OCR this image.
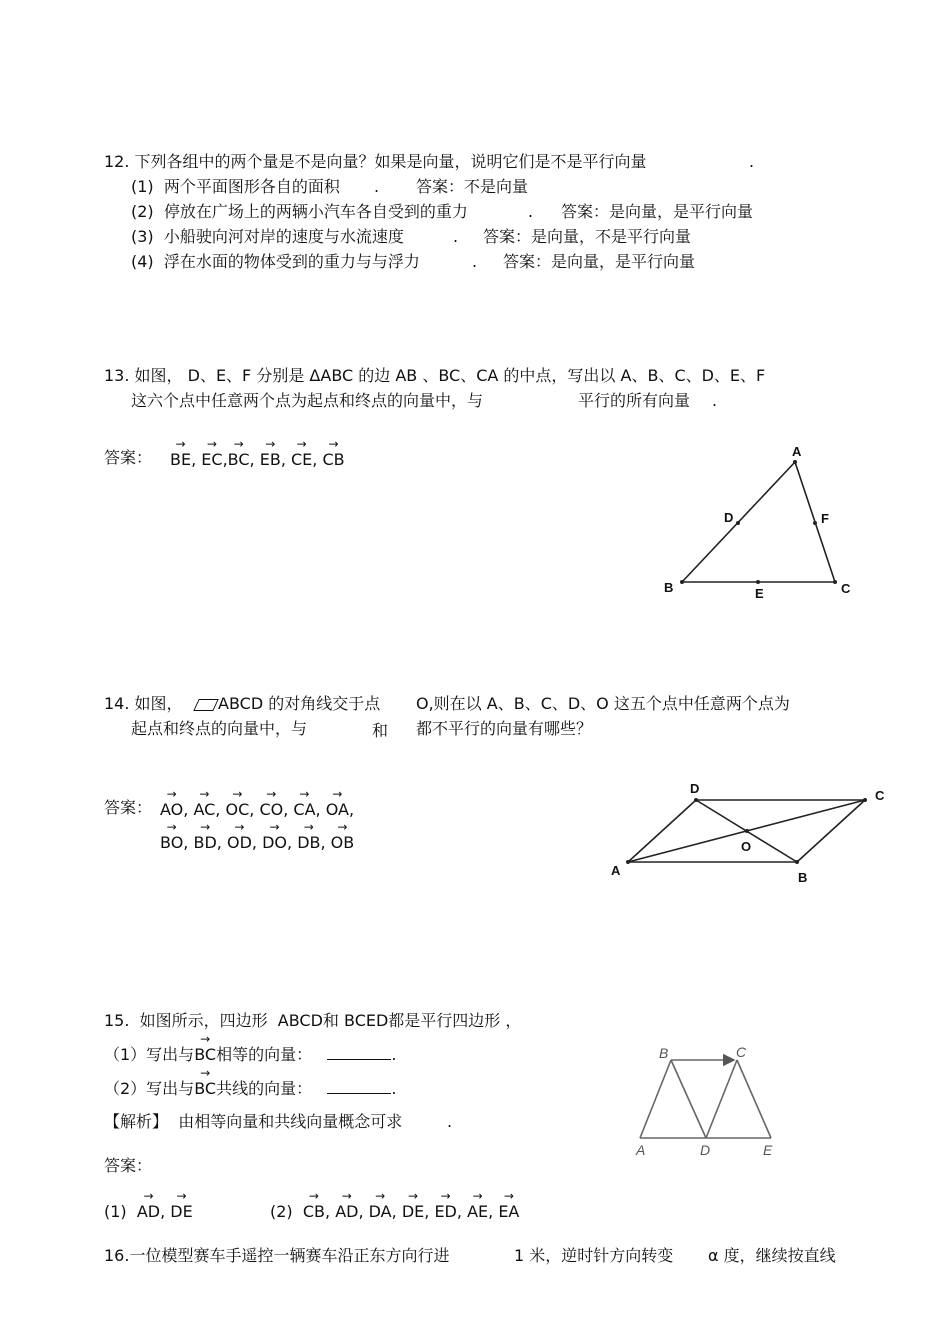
12. 下列各组中的两个量是不是向量？如果是向量，说明它们是不是平行向量	.
(1) 两个平面图形各自的面积 . 答案：不是向量
(2) 停放在广场上的两辆小汽车各自受到的重力	. 答案：是向量，是平行向量
(3) 小船驶向河对岸的速度与水流速度	. 答案：是向量，不是平行向量
(4) 浮在水面的物体受到的重力与与浮力	. 答案：是向量，是平行向量
13. 如图， D、E、F 分别是 ΔABC 的边 AB 、BC、CA 的中点，写出以 A、B、C、D、E、F
这六个点中任意两个点为起点和终点的向量中，与	平行的所有向量 .
答案： → BE, → EC,→ BC, → EB, → CE, → CB	A
D	F
B	E	C
14. 如图，	ABCD 的对角线交于点 O,则在以 A、B、C、D、O 这五个点中任意两个点为
起点和终点的向量中，与	和 都不平行的向量有哪些？
答案： → AO, → AC, → OC, → CO, → CA, → OA,
→ BO, → BD, → OD, → DO, → DB, → OB
D	C
O
A	B
15.  如图所示，四边形  ABCD和 BCED都是平行四边形 ，
（1）写出与→ BC相等的向量：	.
（2）写出与→ BC共线的向量：	.
【解析】 由相等向量和共线向量概念可求	.
答案：
(1) → AD, → DE	(2) → CB, → AD, → DA, → DE, → ED, → AE, → EA
B	C
A	D	E
16.一位模型赛车手遥控一辆赛车沿正东方向行进	1 米，逆时针方向转变 α 度，继续按直线
